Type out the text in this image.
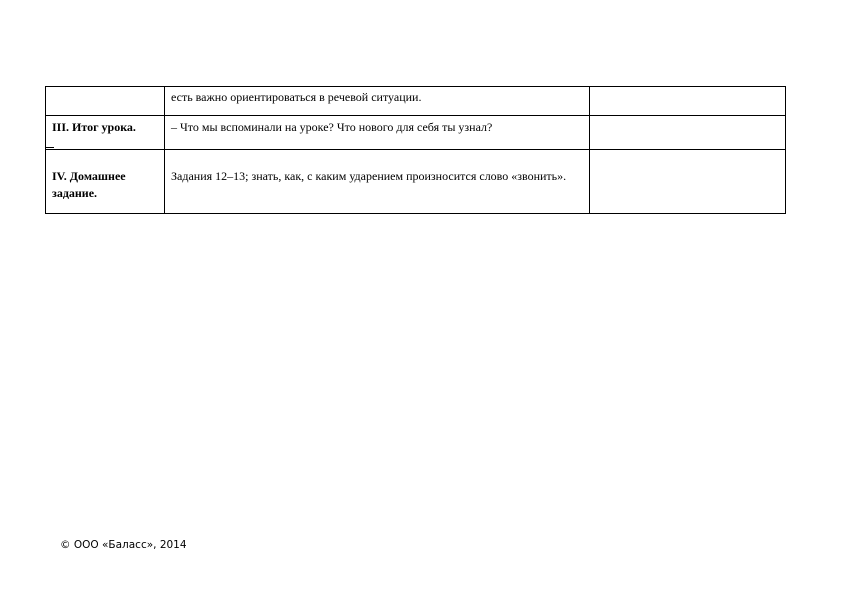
	есть важно ориентироваться в речевой ситуации.	

III. Итог урока.	– Что мы вспоминали на уроке? Что нового для себя ты узнал?	

IV. Домашнее задание.	Задания 12–13; знать, как, с каким ударением произносится слово «звонить».	

© ООО «Баласс», 2014
